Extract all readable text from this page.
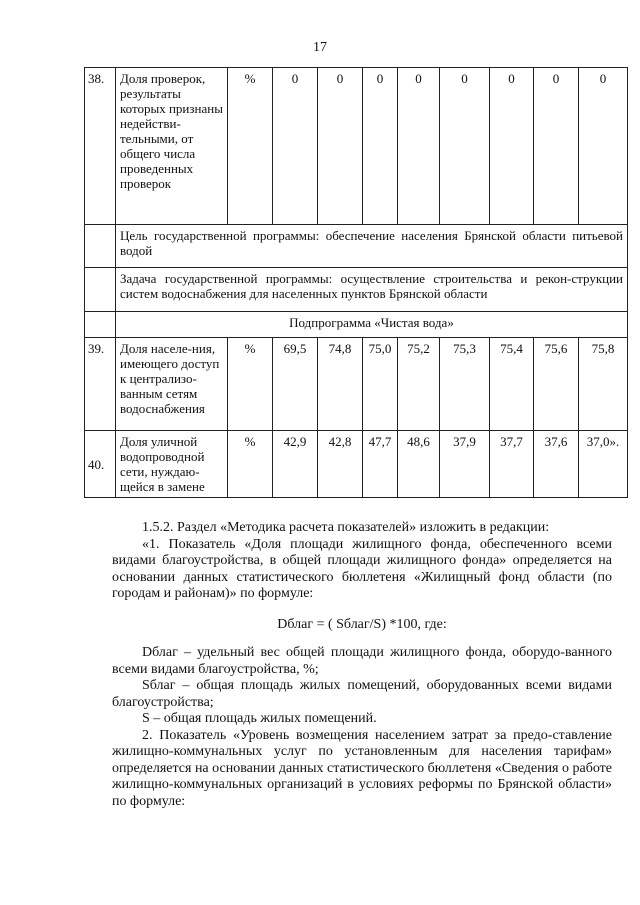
17
38.	Доля проверок, результаты которых признаны недействи-тельными, от общего числа проведенных проверок	%	0	0	0	0	0	0	0	0
	Цель государственной программы: обеспечение населения Брянской области питьевой водой									
	Задача государственной программы: осуществление строительства и рекон-струкции систем водоснабжения для населенных пунктов Брянской области									
	Подпрограмма «Чистая вода»									
39.	Доля населе-ния, имеющего доступ к централизо-ванным сетям водоснабжения	%	69,5	74,8	75,0	75,2	75,3	75,4	75,6	75,8
40.	Доля уличной водопроводной сети, нуждаю-щейся в замене	%	42,9	42,8	47,7	48,6	37,9	37,7	37,6	37,0».

1.5.2. Раздел «Методика расчета показателей» изложить в редакции:

«1. Показатель «Доля площади жилищного фонда, обеспеченного всеми видами благоустройства, в общей площади жилищного фонда» определяется на основании данных статистического бюллетеня «Жилищный фонд области (по городам и районам)» по формуле:

Dблаг = ( Sблаг/S) *100, где:

Dблаг – удельный вес общей площади жилищного фонда, оборудо-ванного всеми видами благоустройства, %;

Sблаг – общая площадь жилых помещений, оборудованных всеми видами благоустройства;

S – общая площадь жилых помещений.

2. Показатель «Уровень возмещения населением затрат за предо-ставление жилищно-коммунальных услуг по установленным для населения тарифам» определяется на основании данных статистического бюллетеня «Сведения о работе жилищно-коммунальных организаций в условиях реформы по Брянской области» по формуле:
